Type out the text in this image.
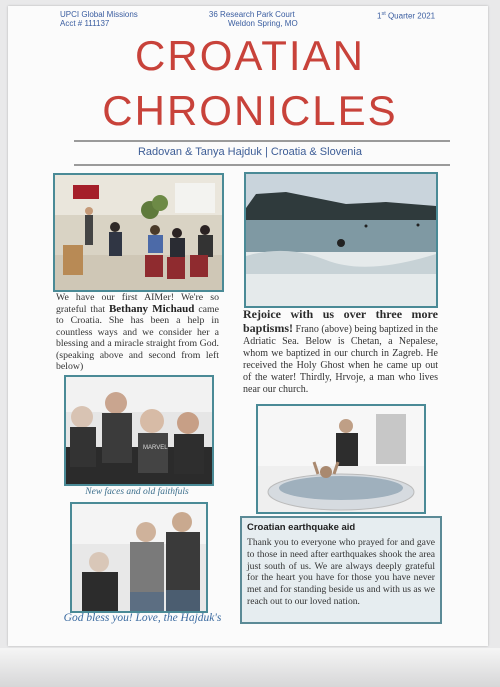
UPCI Global Missions
Acct # 111137
36 Research Park Court
Weldon Spring, MO
1st Quarter 2021
CROATIAN
CHRONICLES
Radovan & Tanya Hajduk | Croatia & Slovenia
We have our first AIMer! We're so grateful that Bethany Michaud came to Croatia. She has been a help in countless ways and we consider her a blessing and a miracle straight from God. (speaking above and second from left below)
MARVEL
New faces and old faithfuls
God bless you! Love, the Hajduk's
Rejoice with us over three more baptisms! Frano (above) being baptized in the Adriatic Sea. Below is Chetan, a Nepalese, whom we baptized in our church in Zagreb. He received the Holy Ghost when he came up out of the water! Thirdly, Hrvoje, a man who lives near our church.
Croatian earthquake aid
Thank you to everyone who prayed for and gave to those in need after earthquakes shook the area just south of us. We are always deeply grateful for the heart you have for those you have never met and for standing beside us and with us as we reach out to our loved nation.
